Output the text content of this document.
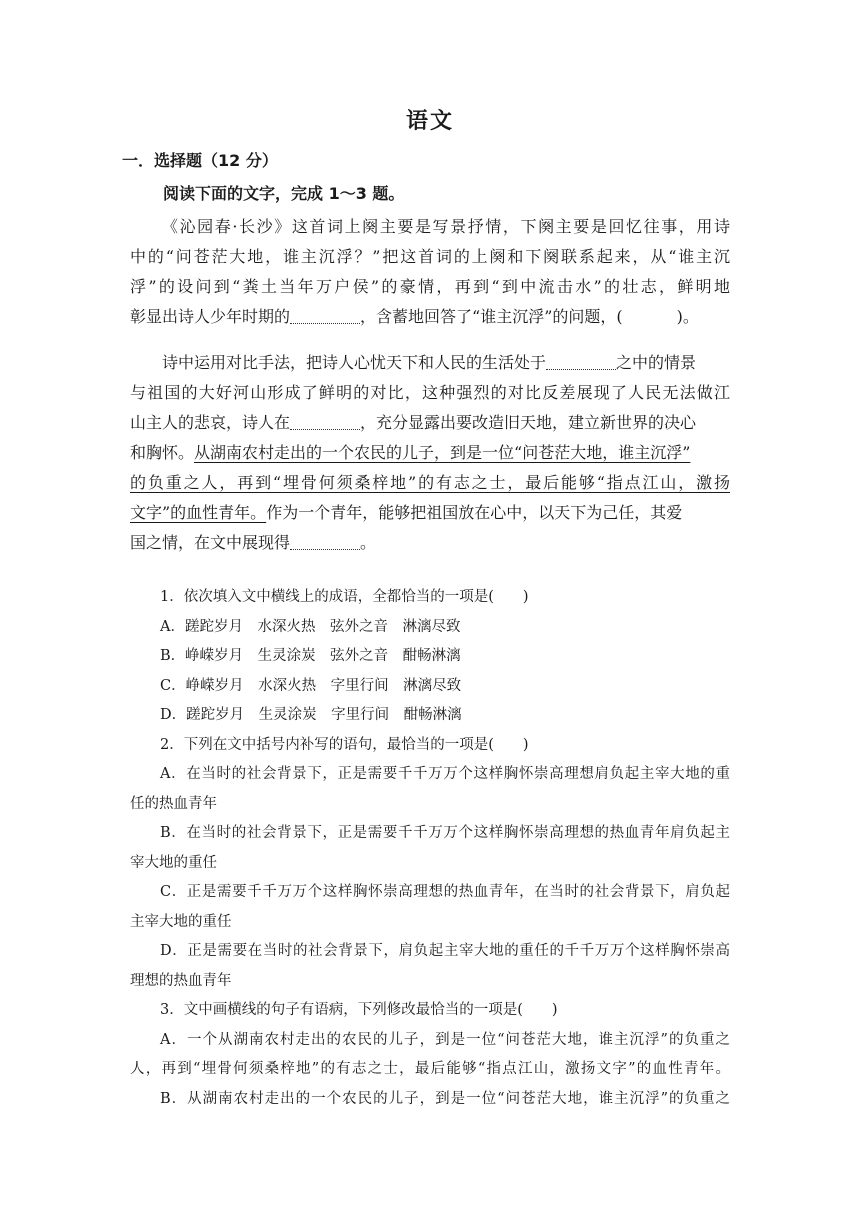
语文
一．选择题（12 分）
阅读下面的文字，完成 1～3 题。
《沁园春·长沙》这首词上阕主要是写景抒情，下阕主要是回忆往事，用诗
中的“问苍茫大地，谁主沉浮？”把这首词的上阕和下阕联系起来，从“谁主沉
浮”的设问到“粪土当年万户侯”的豪情，再到“到中流击水”的壮志，鲜明地
彰显出诗人少年时期的	，含蓄地回答了“谁主沉浮”的问题，(	)。
诗中运用对比手法，把诗人心忧天下和人民的生活处于	之中的情景
与祖国的大好河山形成了鲜明的对比，这种强烈的对比反差展现了人民无法做江
山主人的悲哀，诗人在	，充分显露出要改造旧天地，建立新世界的决心
和胸怀。从湖南农村走出的一个农民的儿子，到是一位“问苍茫大地，谁主沉浮”
的负重之人，再到“埋骨何须桑梓地”的有志之士，最后能够“指点江山，激扬
文字”的血性青年。作为一个青年，能够把祖国放在心中，以天下为己任，其爱
国之情，在文中展现得	。
1．依次填入文中横线上的成语，全都恰当的一项是(　　)
A．蹉跎岁月　水深火热　弦外之音　淋漓尽致
B．峥嵘岁月　生灵涂炭　弦外之音　酣畅淋漓
C．峥嵘岁月　水深火热　字里行间　淋漓尽致
D．蹉跎岁月　生灵涂炭　字里行间　酣畅淋漓
2．下列在文中括号内补写的语句，最恰当的一项是(　　)
A．在当时的社会背景下，正是需要千千万万个这样胸怀崇高理想肩负起主宰大地的重
任的热血青年
B．在当时的社会背景下，正是需要千千万万个这样胸怀崇高理想的热血青年肩负起主
宰大地的重任
C．正是需要千千万万个这样胸怀崇高理想的热血青年，在当时的社会背景下，肩负起
主宰大地的重任
D．正是需要在当时的社会背景下，肩负起主宰大地的重任的千千万万个这样胸怀崇高
理想的热血青年
3．文中画横线的句子有语病，下列修改最恰当的一项是(　　)
A．一个从湖南农村走出的农民的儿子，到是一位“问苍茫大地，谁主沉浮”的负重之
人，再到“埋骨何须桑梓地”的有志之士，最后能够“指点江山，激扬文字”的血性青年。
B．从湖南农村走出的一个农民的儿子，到是一位“问苍茫大地，谁主沉浮”的负重之
